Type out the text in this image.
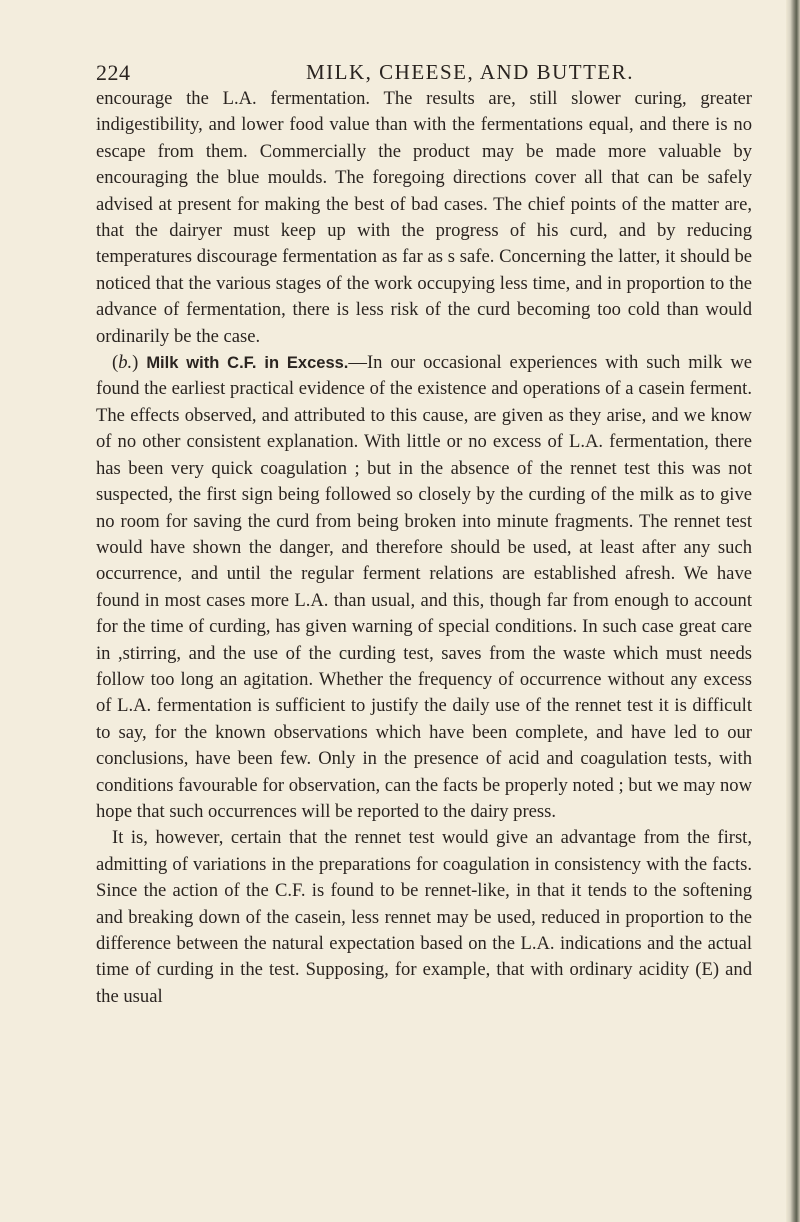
224	MILK, CHEESE, AND BUTTER.

encourage the L.A. fermentation. The results are, still slower curing, greater indigestibility, and lower food value than with the fermentations equal, and there is no escape from them. Commercially the product may be made more valuable by encouraging the blue moulds. The foregoing directions cover all that can be safely advised at present for making the best of bad cases. The chief points of the matter are, that the dairyer must keep up with the progress of his curd, and by reducing temperatures discourage fermentation as far as s safe. Concerning the latter, it should be noticed that the various stages of the work occupying less time, and in proportion to the advance of fermentation, there is less risk of the curd becoming too cold than would ordinarily be the case.

(b.) Milk with C.F. in Excess.—In our occasional experiences with such milk we found the earliest practical evidence of the existence and operations of a casein ferment. The effects observed, and attributed to this cause, are given as they arise, and we know of no other consistent explanation. With little or no excess of L.A. fermentation, there has been very quick coagulation ; but in the absence of the rennet test this was not suspected, the first sign being followed so closely by the curding of the milk as to give no room for saving the curd from being broken into minute fragments. The rennet test would have shown the danger, and therefore should be used, at least after any such occurrence, and until the regular ferment relations are established afresh. We have found in most cases more L.A. than usual, and this, though far from enough to account for the time of curding, has given warning of special conditions. In such case great care in ,stirring, and the use of the curding test, saves from the waste which must needs follow too long an agitation. Whether the frequency of occurrence without any excess of L.A. fermentation is sufficient to justify the daily use of the rennet test it is difficult to say, for the known observations which have been complete, and have led to our conclusions, have been few. Only in the presence of acid and coagulation tests, with conditions favourable for observation, can the facts be properly noted ; but we may now hope that such occurrences will be reported to the dairy press.

It is, however, certain that the rennet test would give an advantage from the first, admitting of variations in the preparations for coagulation in consistency with the facts. Since the action of the C.F. is found to be rennet-like, in that it tends to the softening and breaking down of the casein, less rennet may be used, reduced in proportion to the difference between the natural expectation based on the L.A. indications and the actual time of curding in the test. Supposing, for example, that with ordinary acidity (E) and the usual
